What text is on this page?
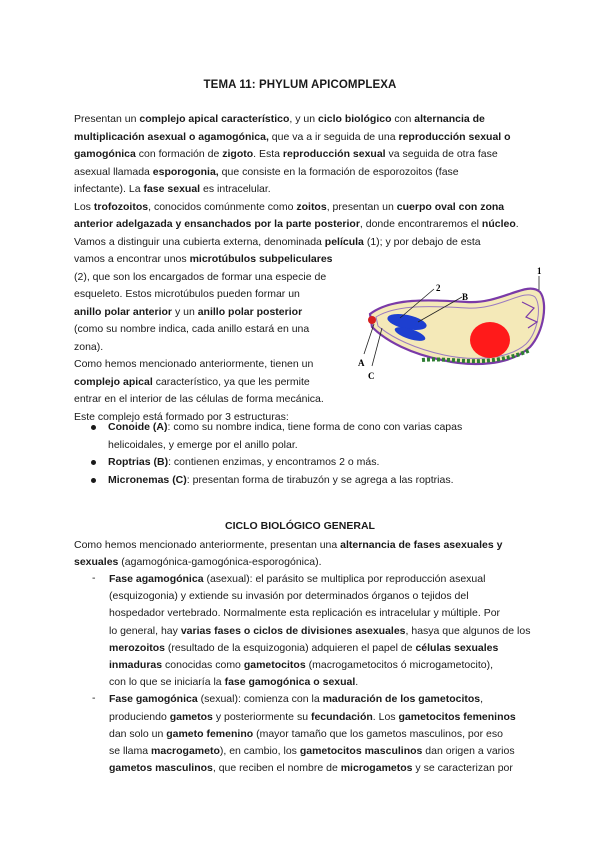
TEMA 11: PHYLUM APICOMPLEXA
Presentan un complejo apical característico, y un ciclo biológico con alternancia de
multiplicación asexual o agamogónica, que va a ir seguida de una reproducción sexual o
gamogónica con formación de zigoto. Esta reproducción sexual va seguida de otra fase
asexual llamada esporogonia, que consiste en la formación de esporozoitos (fase
infectante). La fase sexual es intracelular.
Los trofozoitos, conocidos comúnmente como zoitos, presentan un cuerpo oval con zona
anterior adelgazada y ensanchados por la parte posterior, donde encontraremos el núcleo.
Vamos a distinguir una cubierta externa, denominada película (1); y por debajo de esta
vamos a encontrar unos microtúbulos subpeliculares
(2), que son los encargados de formar una especie de
esqueleto. Estos microtúbulos pueden formar un
anillo polar anterior y un anillo polar posterior
(como su nombre indica, cada anillo estará en una
zona).
Como hemos mencionado anteriormente, tienen un
complejo apical característico, ya que les permite
entrar en el interior de las células de forma mecánica.
Este complejo está formado por 3 estructuras:
Conoide (A): como su nombre indica, tiene forma de cono con varias capas
helicoidales, y emerge por el anillo polar.
Roptrias (B): contienen enzimas, y encontramos 2 o más.
Micronemas (C): presentan forma de tirabuzón y se agrega a las roptrias.
2
B
1
A
C
CICLO BIOLÓGICO GENERAL
Como hemos mencionado anteriormente, presentan una alternancia de fases asexuales y
sexuales (agamogónica-gamogónica-esporogónica).
- Fase agamogónica (asexual): el parásito se multiplica por reproducción asexual
(esquizogonia) y extiende su invasión por determinados órganos o tejidos del
hospedador vertebrado. Normalmente esta replicación es intracelular y múltiple. Por
lo general, hay varias fases o ciclos de divisiones asexuales, hasya que algunos de los
merozoitos (resultado de la esquizogonia) adquieren el papel de células sexuales
inmaduras conocidas como gametocitos (macrogametocitos ó microgametocito),
con lo que se iniciaría la fase gamogónica o sexual.
- Fase gamogónica (sexual): comienza con la maduración de los gametocitos,
produciendo gametos y posteriormente su fecundación. Los gametocitos femeninos
dan solo un gameto femenino (mayor tamaño que los gametos masculinos, por eso
se llama macrogameto), en cambio, los gametocitos masculinos dan origen a varios
gametos masculinos, que reciben el nombre de microgametos y se caracterizan por
